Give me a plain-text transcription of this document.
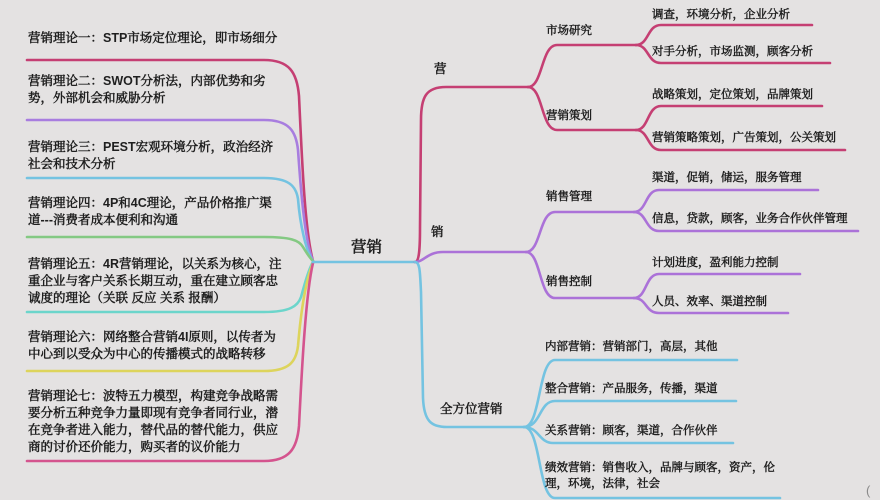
营销
营销理论一：STP市场定位理论，即市场细分
营销理论二：SWOT分析法，内部优势和劣势，外部机会和威胁分析
营销理论三：PEST宏观环境分析，政治经济社会和技术分析
营销理论四：4P和4C理论，产品价格推广渠道---消费者成本便利和沟通
营销理论五：4R营销理论，以关系为核心，注重企业与客户关系长期互动，重在建立顾客忠诚度的理论（关联 反应 关系 报酬）
营销理论六：网络整合营销4I原则，以传者为中心到以受众为中心的传播模式的战略转移
营销理论七：波特五力模型，构建竞争战略需要分析五种竞争力量即现有竞争者同行业，潜在竞争者进入能力，替代品的替代能力，供应商的讨价还价能力，购买者的议价能力
营
销
全方位营销
市场研究
营销策划
销售管理
销售控制
调查，环境分析，企业分析
对手分析，市场监测，顾客分析
战略策划，定位策划，品牌策划
营销策略策划，广告策划，公关策划
渠道，促销，储运，服务管理
信息，贷款，顾客，业务合作伙伴管理
计划进度，盈利能力控制
人员、效率、渠道控制
内部营销：营销部门，高层，其他
整合营销：产品服务，传播，渠道
关系营销：顾客，渠道，合作伙伴
绩效营销：销售收入，品牌与顾客，资产，伦理，环境，法律，社会	(
